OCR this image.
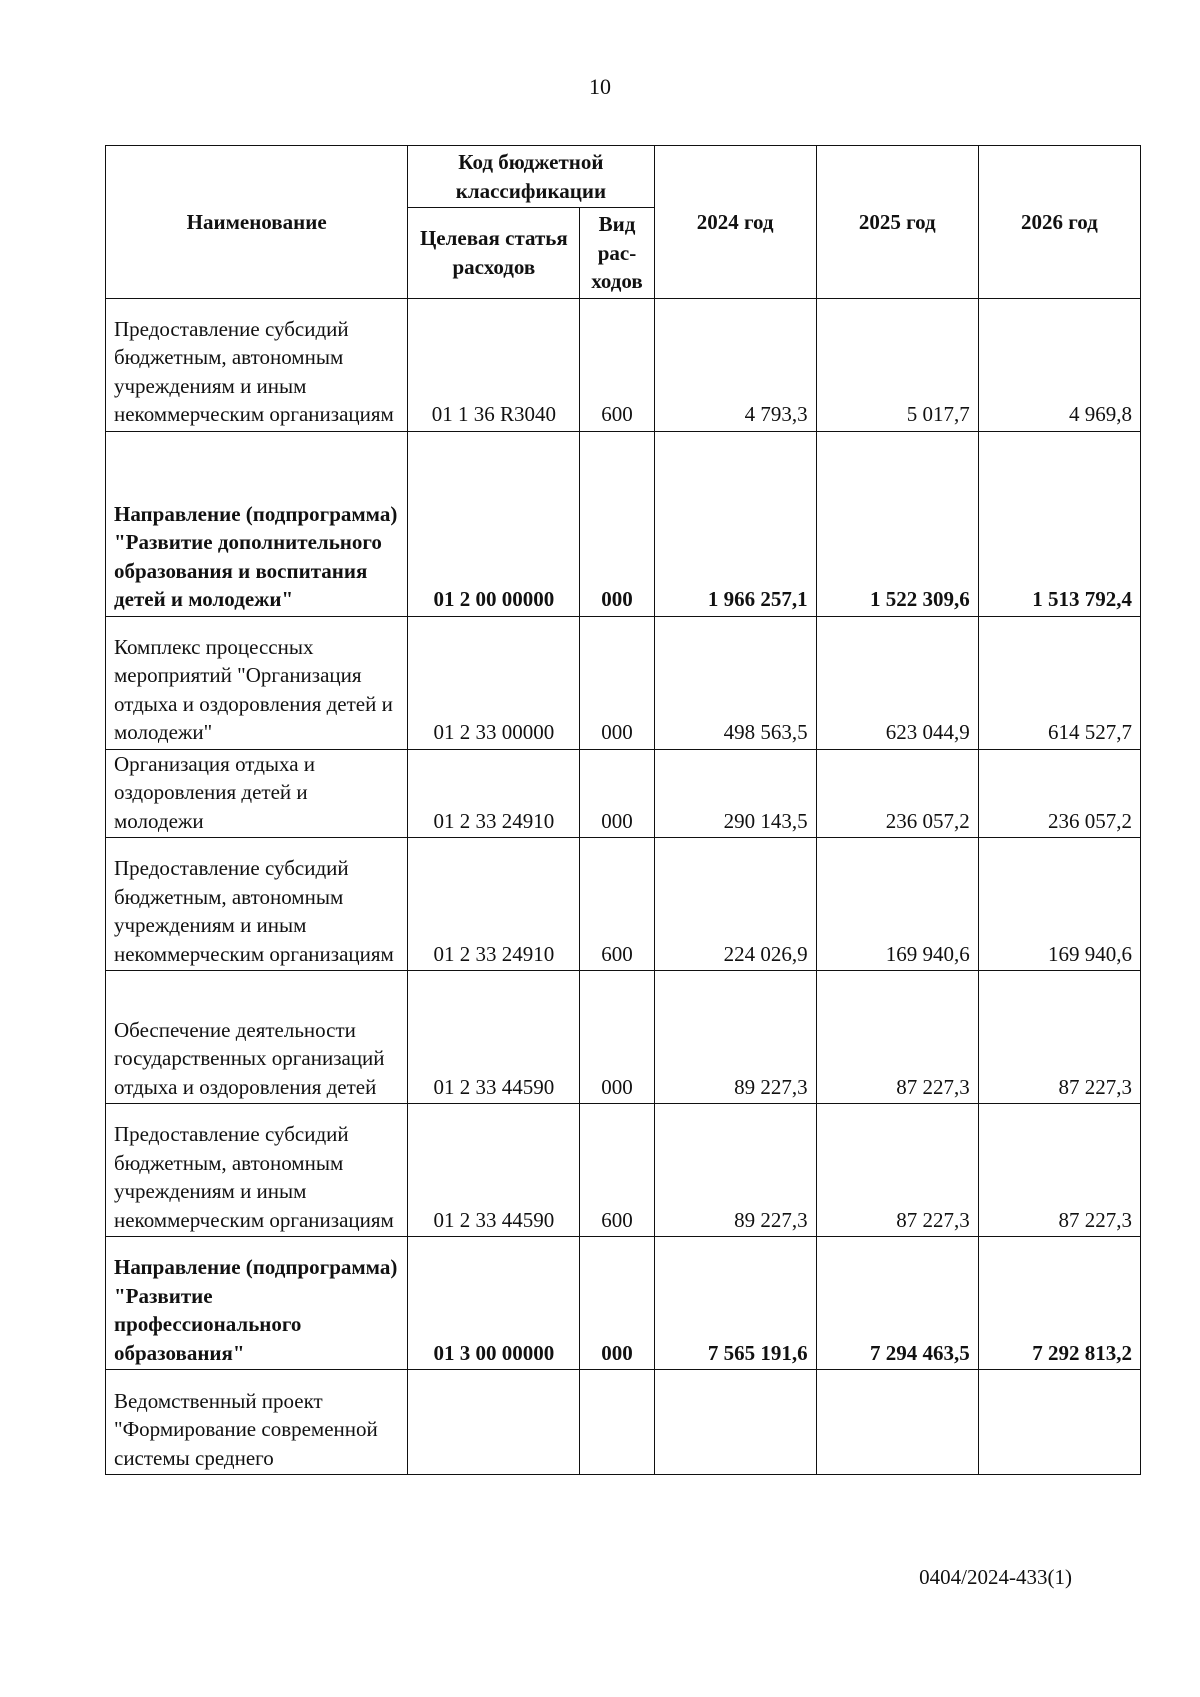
10
Наименование	Код бюджетной классификации		2024 год	2025 год	2026 год
	Целевая статья расходов	Вид рас-ходов			
Предоставление субсидий бюджетным, автономным учреждениям и иным некоммерческим организациям	01 1 36 R3040	600	4 793,3	5 017,7	4 969,8
Направление (подпрограмма) "Развитие дополнительного образования и воспитания детей и молодежи"	01 2 00 00000	000	1 966 257,1	1 522 309,6	1 513 792,4
Комплекс процессных мероприятий "Организация отдыха и оздоровления детей и молодежи"	01 2 33 00000	000	498 563,5	623 044,9	614 527,7
Организация отдыха и оздоровления детей и молодежи	01 2 33 24910	000	290 143,5	236 057,2	236 057,2
Предоставление субсидий бюджетным, автономным учреждениям и иным некоммерческим организациям	01 2 33 24910	600	224 026,9	169 940,6	169 940,6
Обеспечение деятельности государственных организаций отдыха и оздоровления детей	01 2 33 44590	000	89 227,3	87 227,3	87 227,3
Предоставление субсидий бюджетным, автономным учреждениям и иным некоммерческим организациям	01 2 33 44590	600	89 227,3	87 227,3	87 227,3
Направление (подпрограмма) "Развитие профессионального образования"	01 3 00 00000	000	7 565 191,6	7 294 463,5	7 292 813,2
Ведомственный проект "Формирование современной системы среднего					
0404/2024-433(1)
